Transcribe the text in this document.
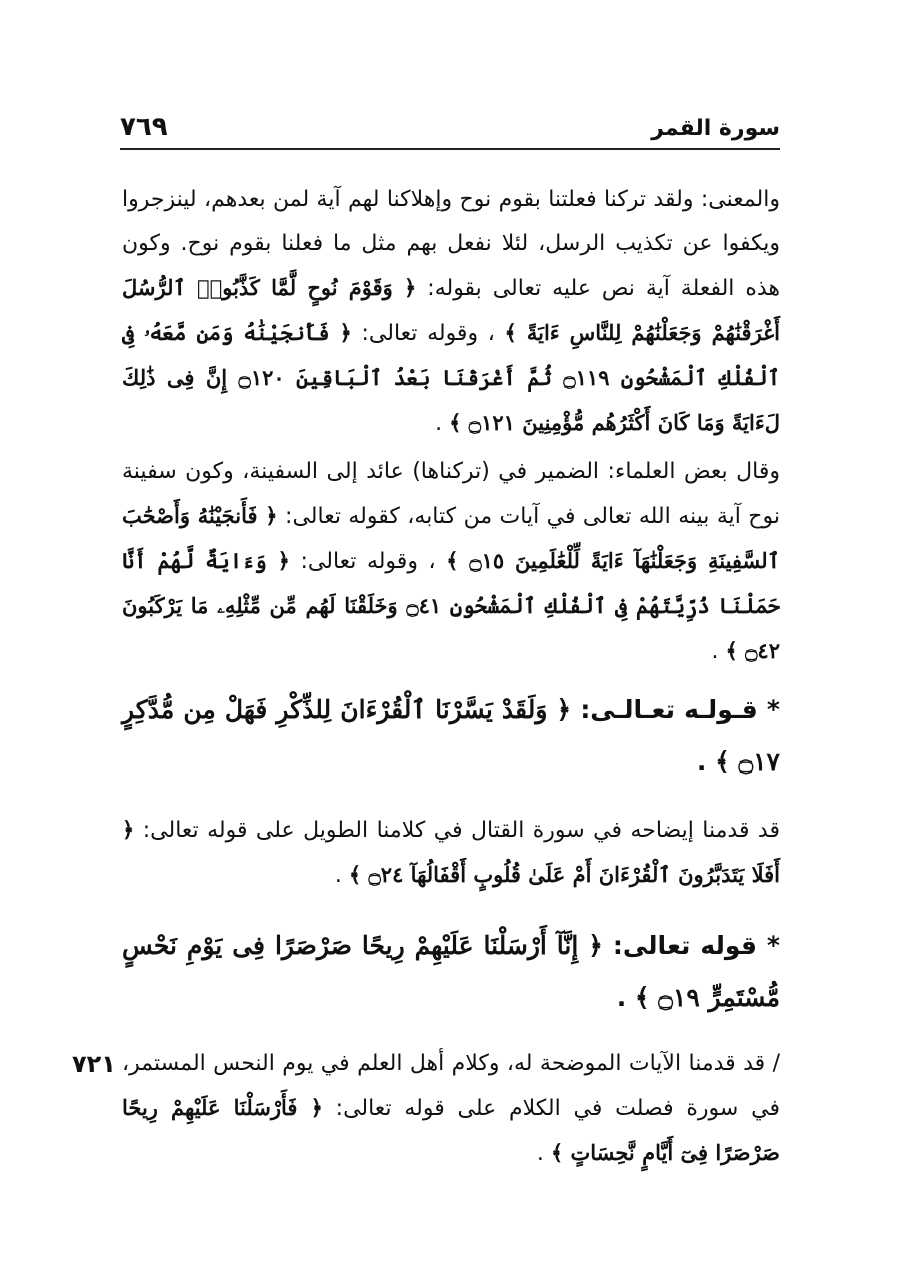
سورة القمر
٧٦٩
والمعنى: ولقد تركنا فعلتنا بقوم نوح وإهلاكنا لهم آية لمن بعدهم، لينزجروا ويكفوا عن تكذيب الرسل، لئلا نفعل بهم مثل ما فعلنا بقوم نوح. وكون هذه الفعلة آية نص عليه تعالى بقوله: ﴿ وَقَوْمَ نُوحٍ لَّمَّا كَذَّبُوا۟ ٱلرُّسُلَ أَغْرَقْنَٰهُمْ وَجَعَلْنَٰهُمْ لِلنَّاسِ ءَايَةً ﴾ ، وقوله تعالى: ﴿ فَأَنجَيْنَٰهُ وَمَن مَّعَهُۥ فِى ٱلْفُلْكِ ٱلْمَشْحُونِ ۝١١٩ ثُمَّ أَغْرَقْنَا بَعْدُ ٱلْبَاقِينَ ۝١٢٠ إِنَّ فِى ذَٰلِكَ لَءَايَةً وَمَا كَانَ أَكْثَرُهُم مُّؤْمِنِينَ ۝١٢١ ﴾ .
وقال بعض العلماء: الضمير في (تركناها) عائد إلى السفينة، وكون سفينة نوح آية بينه الله تعالى في آيات من كتابه، كقوله تعالى: ﴿ فَأَنجَيْنَٰهُ وَأَصْحَٰبَ ٱلسَّفِينَةِ وَجَعَلْنَٰهَآ ءَايَةً لِّلْعَٰلَمِينَ ۝١٥ ﴾ ، وقوله تعالى: ﴿ وَءَايَةٌ لَّهُمْ أَنَّا حَمَلْنَا ذُرِّيَّتَهُمْ فِى ٱلْفُلْكِ ٱلْمَشْحُونِ ۝٤١ وَخَلَقْنَا لَهُم مِّن مِّثْلِهِۦ مَا يَرْكَبُونَ ۝٤٢ ﴾ .
* قـولـه تعـالـى: ﴿ وَلَقَدْ يَسَّرْنَا ٱلْقُرْءَانَ لِلذِّكْرِ فَهَلْ مِن مُّدَّكِرٍ ۝١٧ ﴾ .
قد قدمنا إيضاحه في سورة القتال في كلامنا الطويل على قوله تعالى: ﴿ أَفَلَا يَتَدَبَّرُونَ ٱلْقُرْءَانَ أَمْ عَلَىٰ قُلُوبٍ أَقْفَالُهَآ ۝٢٤ ﴾ .
* قوله تعالى: ﴿ إِنَّآ أَرْسَلْنَا عَلَيْهِمْ رِيحًا صَرْصَرًا فِى يَوْمِ نَحْسٍ مُّسْتَمِرٍّ ۝١٩ ﴾ .
/ قد قدمنا الآيات الموضحة له، وكلام أهل العلم في يوم النحس المستمر، في سورة فصلت في الكلام على قوله تعالى: ﴿ فَأَرْسَلْنَا عَلَيْهِمْ رِيحًا صَرْصَرًا فِىٓ أَيَّامٍ نَّحِسَاتٍ ﴾ .
٧٢١
